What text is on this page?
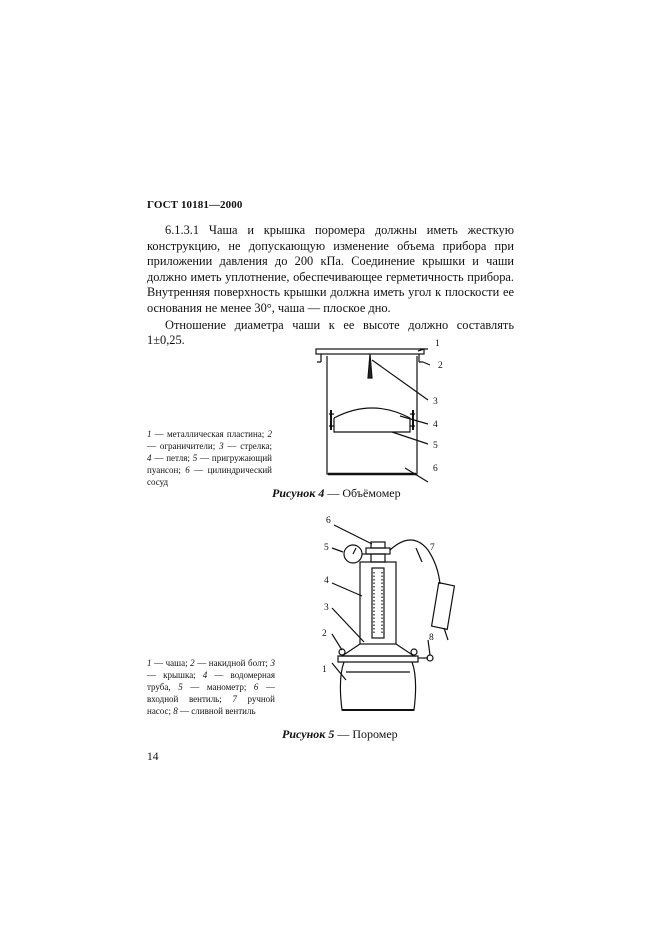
ГОСТ 10181—2000

6.1.3.1 Чаша и крышка поромера должны иметь жесткую конструкцию, не допускающую изменение объема прибора при приложении давления до 200 кПа. Соединение крышки и чаши должно иметь уплотнение, обеспечивающее герметичность прибора. Внутренняя поверхность крышки должна иметь угол к плоскости ее основания не менее 30°, чаша — плоское дно.

Отношение диаметра чаши к ее высоте должно составлять 1±0,25.	1
2
3
4
5
6
1 — металлическая пластина; 2 — ограничители; 3 — стрелка; 4 — петля; 5 — пригружающий пуансон; 6 — цилиндрический сосуд
Рисунок 4 — Объёмомер
1
2
3
4
5
6
7
8
1 — чаша; 2 — накидной болт; 3 — крышка; 4 — водомерная труба, 5 — манометр; 6 — входной вентиль; 7 ручной насос; 8 — сливной вентиль
Рисунок 5 — Поромер
14
